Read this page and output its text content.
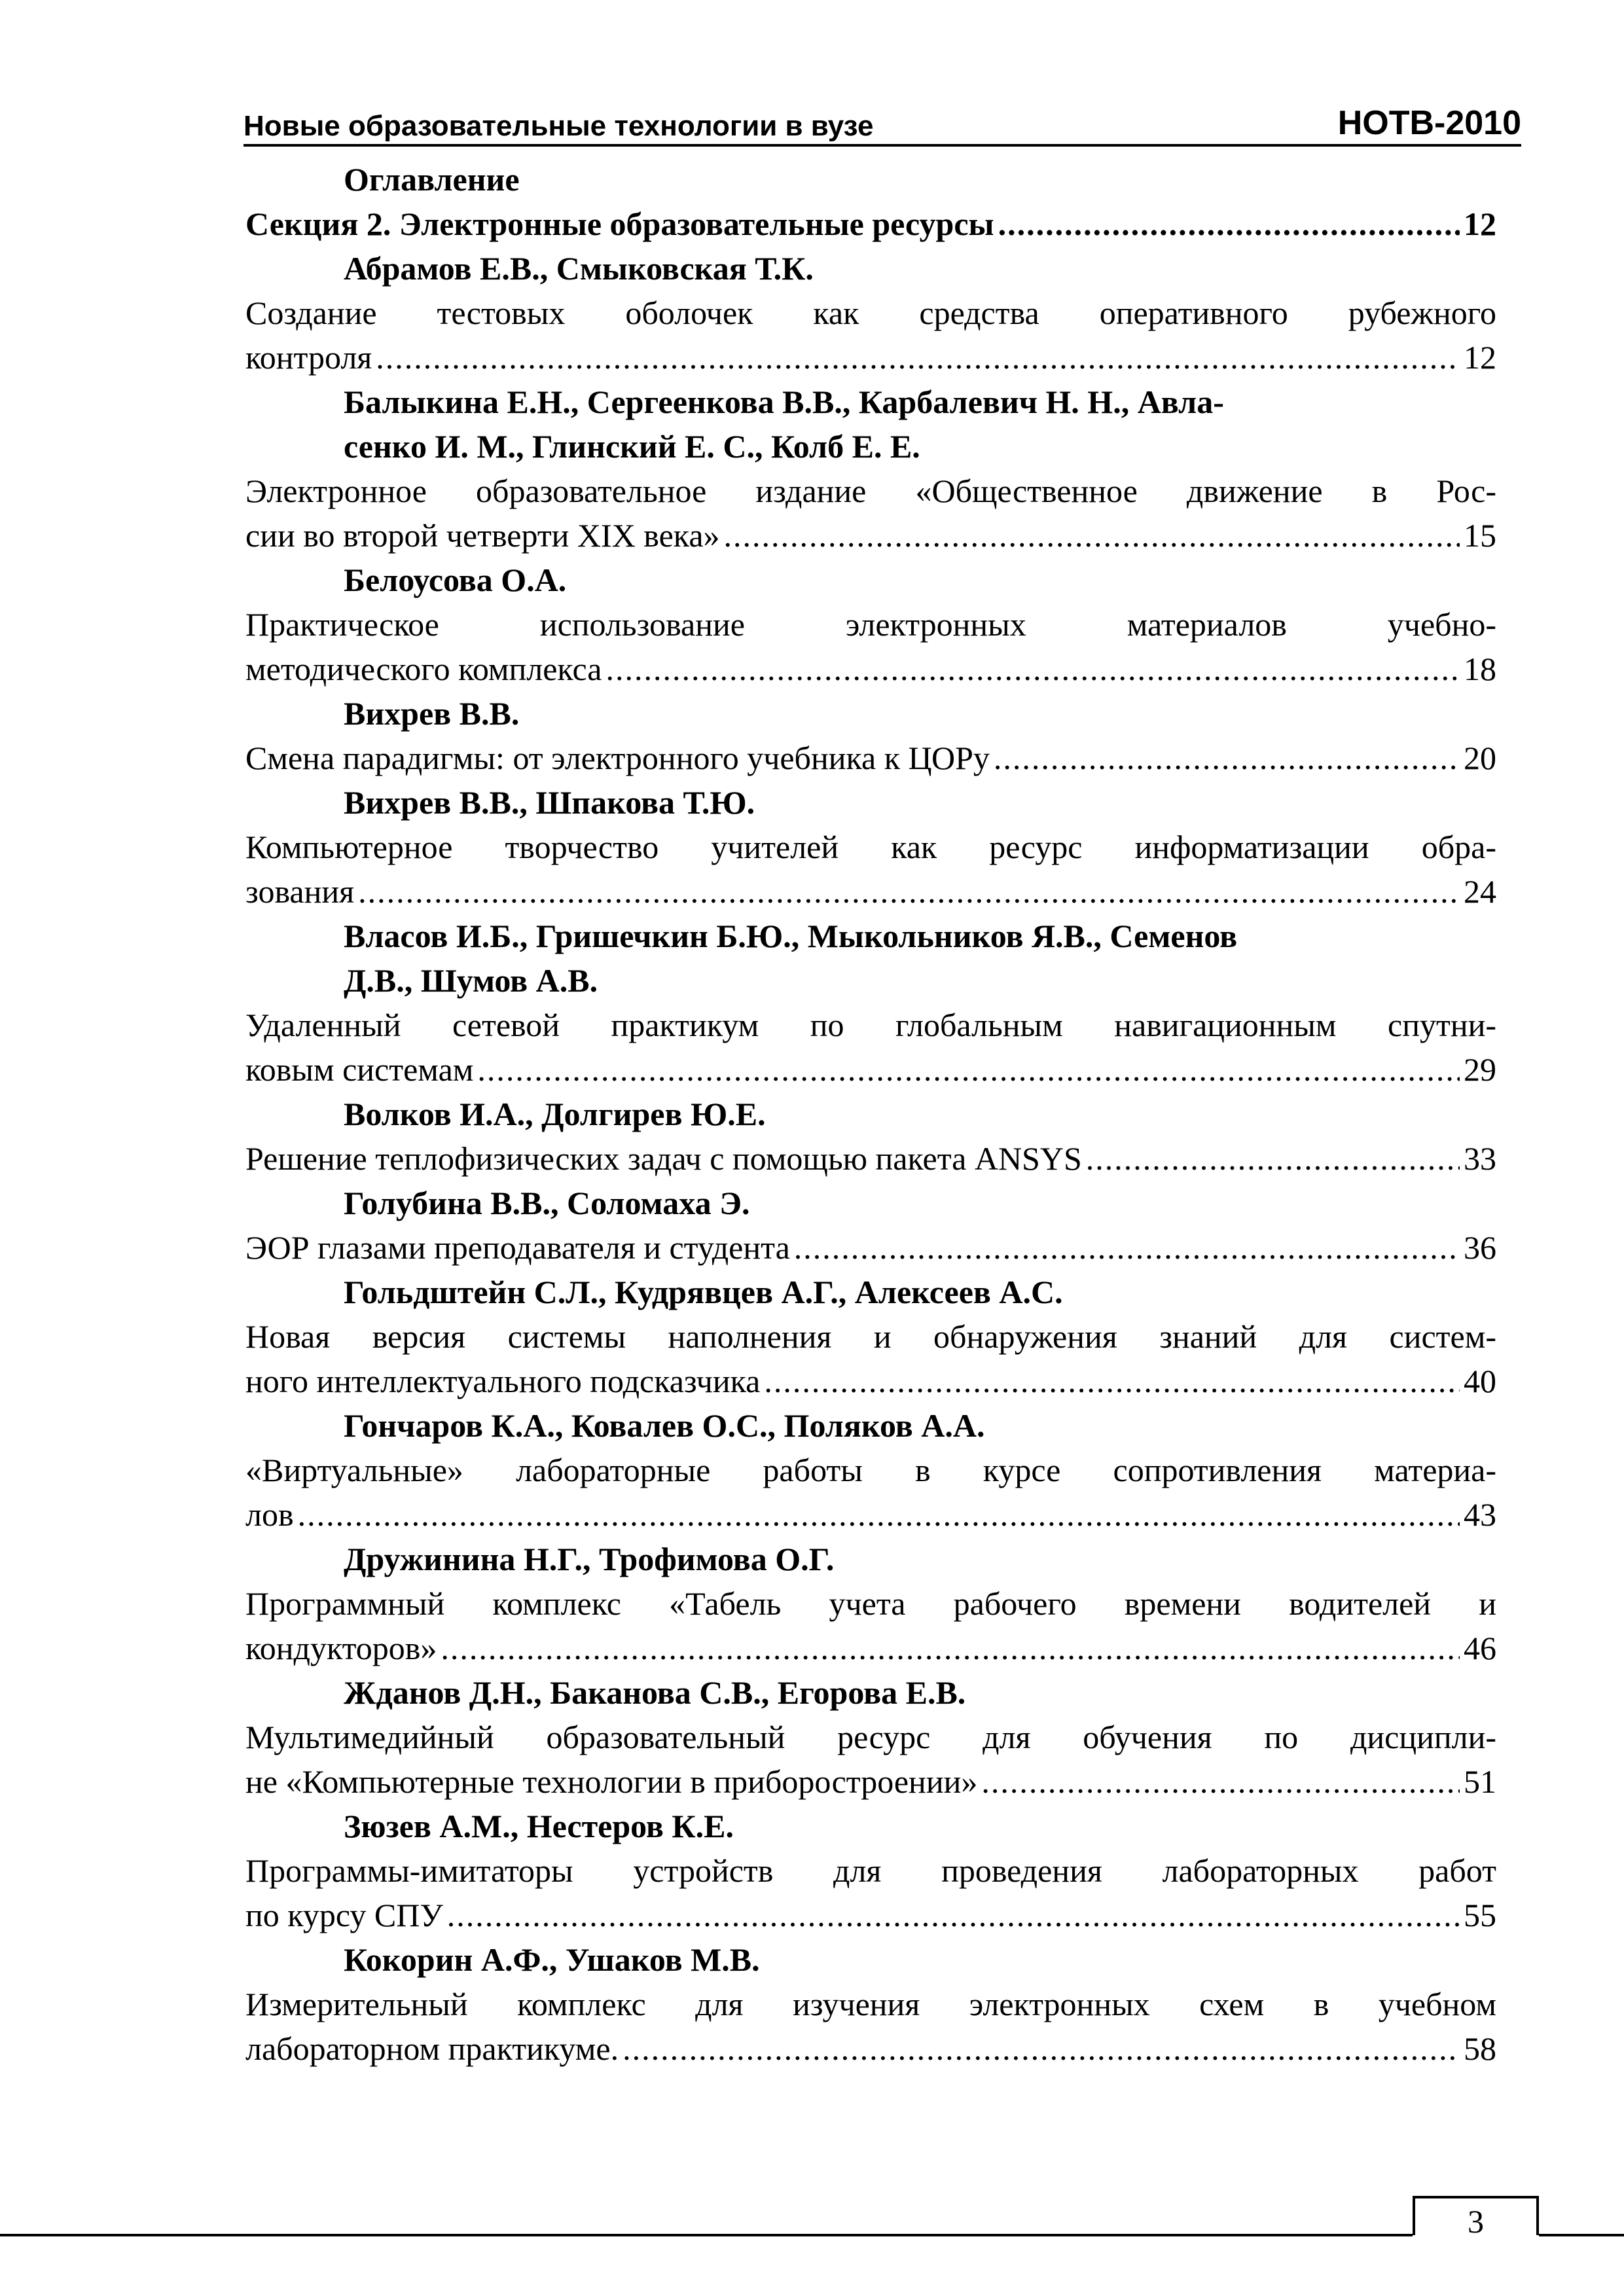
Новые образовательные технологии в вузе	НОТВ-2010
Оглавление
Секция 2. Электронные образовательные ресурсы .....	12
Абрамов Е.В., Смыковская Т.К.
Создание тестовых оболочек как средства оперативного рубежного
контроля .....	12
Балыкина Е.Н., Сергеенкова В.В., Карбалевич Н. Н., Авла-
сенко И. М., Глинский Е. С., Колб Е. Е.
Электронное образовательное издание «Общественное движение в Рос-
сии во второй четверти XIX века» .....	15
Белоусова О.А.
Практическое использование электронных материалов учебно-
методического комплекса .....	18
Вихрев В.В.
Смена парадигмы: от электронного учебника к ЦОРу .....	20
Вихрев В.В., Шпакова Т.Ю.
Компьютерное творчество учителей как ресурс информатизации обра-
зования .....	24
Власов И.Б., Гришечкин Б.Ю., Мыкольников Я.В., Семенов
Д.В., Шумов А.В.
Удаленный сетевой практикум по глобальным навигационным спутни-
ковым системам .....	29
Волков И.А., Долгирев Ю.Е.
Решение теплофизических задач с помощью пакета ANSYS .....	33
Голубина В.В., Соломаха Э.
ЭОР глазами преподавателя и студента .....	36
Гольдштейн С.Л., Кудрявцев А.Г., Алексеев А.С.
Новая версия системы наполнения и обнаружения знаний для систем-
ного интеллектуального подсказчика .....	40
Гончаров К.А., Ковалев О.С., Поляков А.А.
«Виртуальные» лабораторные работы в курсе сопротивления материа-
лов .....	43
Дружинина Н.Г., Трофимова О.Г.
Программный комплекс «Табель учета рабочего времени водителей и
кондукторов» .....	46
Жданов Д.Н., Баканова С.В., Егорова Е.В.
Мультимедийный образовательный ресурс для обучения по дисципли-
не «Компьютерные технологии в приборостроении» .....	51
Зюзев А.М., Нестеров К.Е.
Программы-имитаторы устройств для проведения лабораторных работ
по курсу СПУ .....	55
Кокорин А.Ф., Ушаков М.В.
Измерительный комплекс для изучения электронных схем в учебном
лабораторном практикуме. .....	58
3
